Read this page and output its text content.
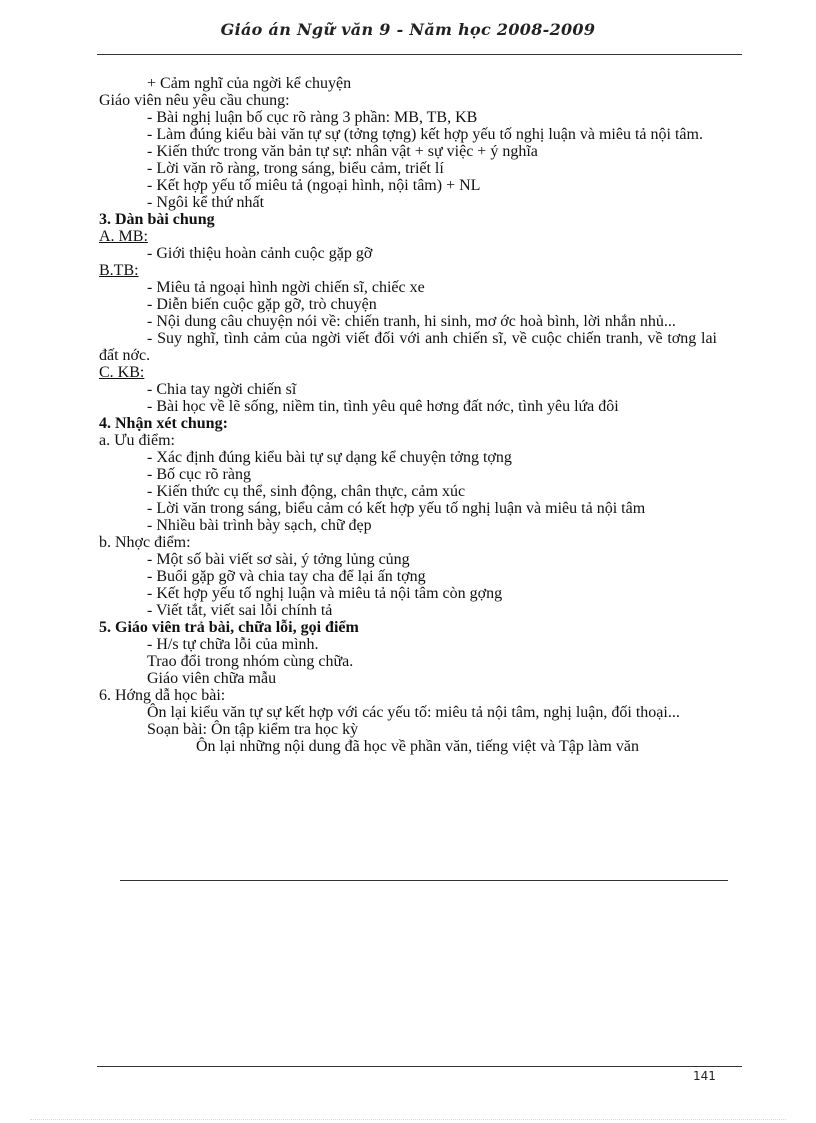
Giáo án Ngữ văn 9 - Năm học 2008-2009

+ Cảm nghĩ của ngời kể chuyện

Giáo viên nêu yêu cầu chung:

- Bài nghị luận bố cục rõ ràng 3 phần: MB, TB, KB

- Làm đúng kiểu bài văn tự sự (tởng tợng) kết hợp yếu tố nghị luận và miêu tả nội tâm.

- Kiến thức trong văn bản tự sự: nhân vật + sự việc + ý nghĩa

- Lời văn rõ ràng, trong sáng, biểu cảm, triết lí

- Kết hợp yếu tố miêu tả (ngoại hình, nội tâm) + NL

- Ngôi kể thứ nhất

3. Dàn bài chung

A. MB:

- Giới thiệu hoàn cảnh cuộc gặp gỡ

B.TB:

- Miêu tả ngoại hình ngời chiến sĩ, chiếc xe

- Diễn biến cuộc gặp gỡ, trò chuyện

- Nội dung câu chuyện nói về: chiến tranh, hi sinh, mơ ớc hoà bình, lời nhắn nhủ...

- Suy nghĩ, tình cảm của ngời viết đối với anh chiến sĩ, về cuộc chiến tranh, về tơng lai đất nớc.

C. KB:

- Chia tay ngời chiến sĩ

- Bài học về lẽ sống, niềm tin, tình yêu quê hơng đất nớc, tình yêu lứa đôi

4. Nhận xét chung:

a. Ưu điểm:

- Xác định đúng kiểu bài tự sự dạng kể chuyện tởng tợng

- Bố cục rõ ràng

- Kiến thức cụ thể, sinh động, chân thực, cảm xúc

- Lời văn trong sáng, biểu cảm có kết hợp yếu tố nghị luận và miêu tả nội tâm

- Nhiều bài trình bày sạch, chữ đẹp

b. Nhợc điểm:

- Một số bài viết sơ sài, ý tởng lủng củng

- Buổi gặp gỡ và chia tay cha để lại ấn tợng

- Kết hợp yếu tố nghị luận và miêu tả nội tâm còn gợng

- Viết tắt, viết sai lỗi chính tả

5. Giáo viên trả bài, chữa lỗi, gọi điểm

- H/s tự chữa lỗi của mình.

Trao đổi trong nhóm cùng chữa.

Giáo viên chữa mẫu

6. Hớng dẫ học bài:

Ôn lại kiểu văn tự sự kết hợp với các yếu tố: miêu tả nội tâm, nghị luận, đối thoại...

Soạn bài: Ôn tập kiểm tra học kỳ

Ôn lại những nội dung đã học về phần văn, tiếng việt và Tập làm văn

141
